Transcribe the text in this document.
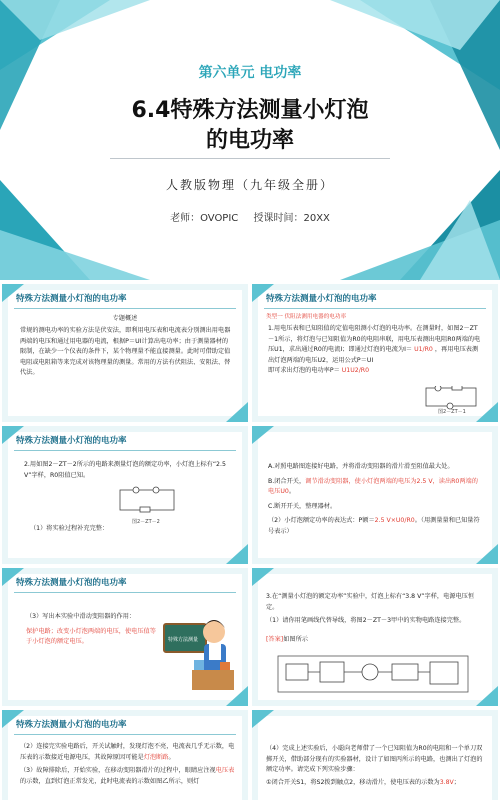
第六单元 电功率
6.4特殊方法测量小灯泡
的电功率
人教版物理（九年级全册）
老师：OVOPIC 授课时间：20XX
特殊方法测量小灯泡的电功率
专题概述
常规的测电功率的实验方法是伏安法，即利用电压表和电流表分别测出用电器两端的电压和通过用电器的电流，根据P＝UI计算出电功率；由于测量器材的限制，在缺少一个仪表的条件下，某个物理量不能直接测量。此时可借助定值电阻或电阻箱等来完成对该物理量的测量。常用的方法有伏阻法、安阻法、替代法。
特殊方法测量小灯泡的电功率
类型一 伏阻法测用电器的电功率
1.用电压表和已知阻值的定值电阻测小灯泡的电功率。在测量时，如图2－ZT－1所示，将灯泡与已知阻值为R0的电阻串联，用电压表测出电阻R0两端的电压U1，求出通过R0的电流I；即通过灯泡的电流为I＝ U1/R0 ，再用电压表测出灯泡两端的电压U2，运用公式P＝UI
即可求出灯泡的电功率P＝ U1U2/R0
图2－ZT－1
特殊方法测量小灯泡的电功率
2.用如图2－ZT－2所示的电路来测量灯泡的额定功率，小灯泡上标有“2.5 V”字样，R0阻值已知。
图2－ZT－2
（1）将实验过程补充完整：
A.对照电路图连接好电路，并将滑动变阻器的滑片滑至阻值最大处。
B.闭合开关，调节滑动变阻器，使小灯泡两端的电压为2.5 V，读出R0两端的电压U0。
C.断开开关，整理器材。
（2）小灯泡额定功率的表达式：P额＝2.5 V×U0/R0。（用测量量和已知量符号表示）
特殊方法测量小灯泡的电功率
（3）写出本实验中滑动变阻器的作用：
保护电路；改变小灯泡两端的电压，使电压值等于小灯泡的额定电压。	特殊方法测量
3.在“测量小灯泡的额定功率”实验中，灯泡上标有“3.8 V”字样，电源电压恒定。
（1）请你用笔画线代替导线，将图2－ZT－3甲中的实物电路连接完整。
[答案]如图所示
特殊方法测量小灯泡的电功率
（2）连接完实验电路后，开关试触时，发现灯泡不亮，电流表几乎无示数，电压表的示数接近电源电压，其故障原因可能是灯泡断路。
（3）故障排除后，开始实验，在移动变阻器滑片的过程中，眼睛应注视电压表的示数，直到灯泡正常发光，此时电流表的示数如图乙所示，则灯
（4）完成上述实验后，小聪向老师借了一个已知阻值为R0的电阻和一个单刀双掷开关，借助部分现有的实验器材，设计了如图丙所示的电路，也测出了灯泡的额定功率。请完成下列实验步骤：
①闭合开关S1，将S2拨到触点2，移动滑片，使电压表的示数为3.8V；
